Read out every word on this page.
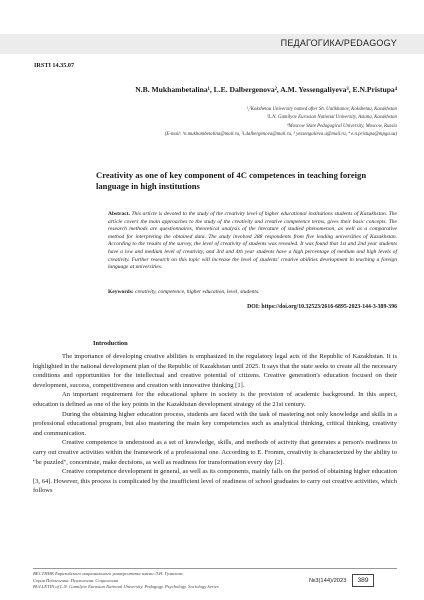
ПЕДАГОГИКА/PEDAGOGY
IRSTI 14.35.07
N.B. Mukhambetalina¹, L.E. Dalbergenova², A.M. Yessengaliyeva³, E.N.Pristupa⁴
¹,²Kokshetau University named after Sh. Ualikhanov, Kokshetau, Kazakhstan
³L.N. Gumilyov Eurasian National University, Astana, Kazakhstan
⁴Moscow State Pedagogical University, Moscow, Russia
(E-mail: ¹n.mukhambetalina@mail.ru, ²l.dalbergenova@mail.ru, ³ yessengalieva.a@mail.ru, ⁴ e.n.pristupa@mpgu.su)
Creativity as one of key component of 4C competences in teaching foreign language in high institutions
Abstract. This article is devoted to the study of the creativity level of higher educational institutions students of Kazakhstan. The article covers the main approaches to the study of the creativity and creative competence terms, gives their basic concepts. The research methods are questionnaires, theoretical analysis of the literature of studied phenomenon, as well as a comparative method for interpreting the obtained data. The study involved 288 respondents from five leading universities of Kazakhstan. According to the results of the survey, the level of creativity of students was revealed. It was found that 1st and 2nd year students have a low and medium level of creativity, and 3rd and 4th year students have a high percentage of medium and high levels of creativity. Further research on this topic will increase the level of students' creative abilities development in teaching a foreign language at universities.
Keywords: creativity, competence, higher education, level, students.
DOI: https://doi.org/10.32523/2616-6895-2023-144-3-389-396
Introduction

The importance of developing creative abilities is emphasized in the regulatory legal acts of the Republic of Kazakhstan. It is highlighted in the national development plan of the Republic of Kazakhstan until 2025. It says that the state seeks to create all the necessary conditions and opportunities for the intellectual and creative potential of citizens. Creative generation's education focused on their development, success, competitiveness and creation with innovative thinking [1].

An important requirement for the educational sphere in society is the provision of academic background. In this aspect, education is defined as one of the key points in the Kazakhstan development strategy of the 21st century.

During the obtaining higher education process, students are faced with the task of mastering not only knowledge and skills in a professional educational program, but also mastering the main key competencies such as analytical thinking, critical thinking, creativity and communication.

Creative competence is understood as a set of knowledge, skills, and methods of activity that generates a person's readiness to carry out creative activities within the framework of a professional one. According to E. Fromm, creativity is characterized by the ability to "be puzzled", concentrate, make decisions, as well as readiness for transformation every day [2].

Creative competence development in general, as well as its components, mainly falls on the period of obtaining higher education [3, 64]. However, this process is complicated by the insufficient level of readiness of school graduates to carry out creative activities, which follows

ВЕСТНИК Евразийского национального университета имени Л.Н. Гумилева.
Серия Педагогика. Психология. Социология
BULLETIN of L.N. Gumilyov Eurasian National University. Pedagogy. Psychology. Sociology Series
№3(144)/2023	389
